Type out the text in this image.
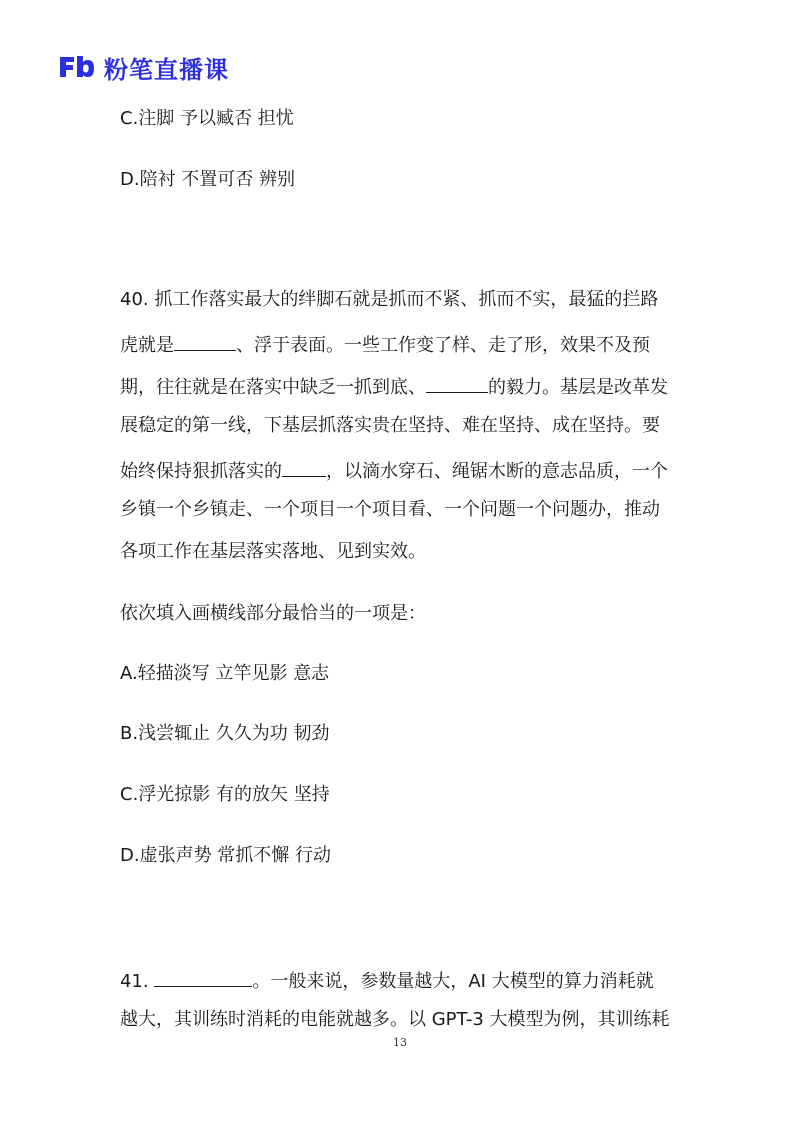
粉笔直播课
C.注脚 予以臧否 担忧
D.陪衬 不置可否 辨别
40. 抓工作落实最大的绊脚石就是抓而不紧、抓而不实，最猛的拦路
虎就是	、浮于表面。一些工作变了样、走了形，效果不及预
期，往往就是在落实中缺乏一抓到底、	的毅力。基层是改革发
展稳定的第一线，下基层抓落实贵在坚持、难在坚持、成在坚持。要
始终保持狠抓落实的 ，以滴水穿石、绳锯木断的意志品质，一个
乡镇一个乡镇走、一个项目一个项目看、一个问题一个问题办，推动
各项工作在基层落实落地、见到实效。
依次填入画横线部分最恰当的一项是：
A.轻描淡写 立竿见影 意志
B.浅尝辄止 久久为功 韧劲
C.浮光掠影 有的放矢 坚持
D.虚张声势 常抓不懈 行动
41.	。一般来说，参数量越大，AI 大模型的算力消耗就
越大，其训练时消耗的电能就越多。以 GPT-3 大模型为例，其训练耗
13
